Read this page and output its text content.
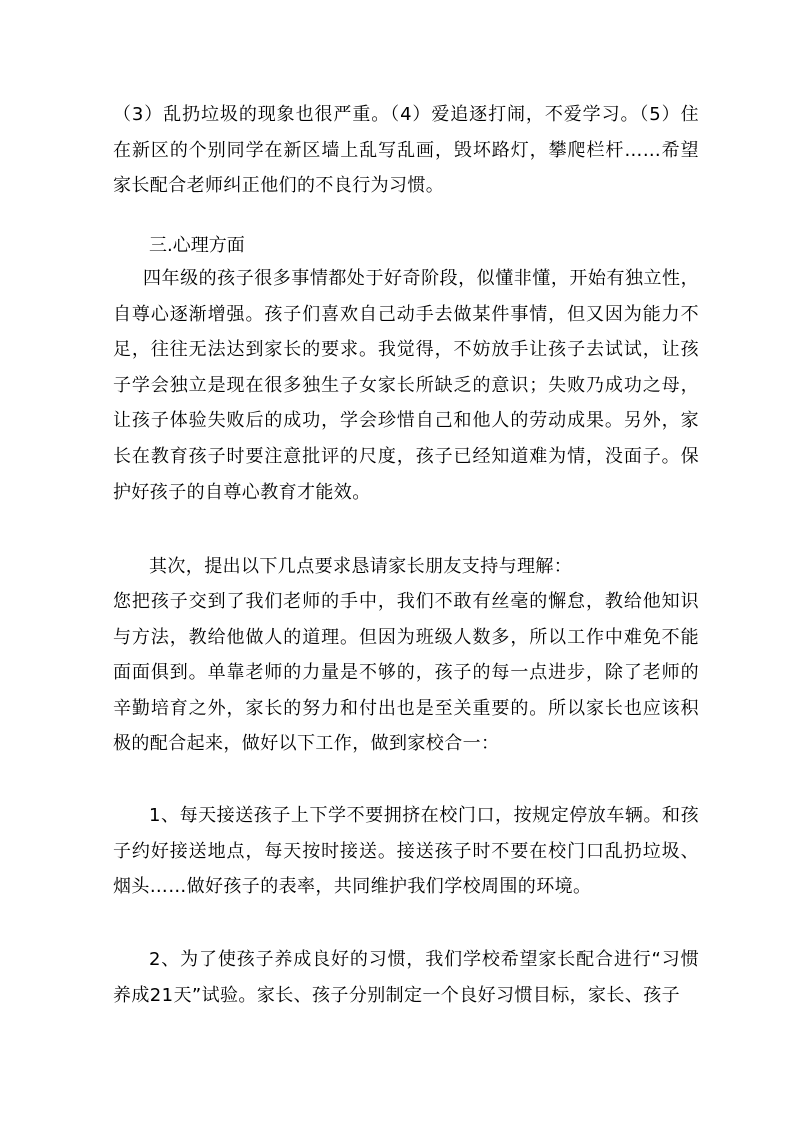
（3）乱扔垃圾的现象也很严重。（4）爱追逐打闹，不爱学习。（5）住在新区的个别同学在新区墙上乱写乱画，毁坏路灯，攀爬栏杆……希望家长配合老师纠正他们的不良行为习惯。

三.心理方面

四年级的孩子很多事情都处于好奇阶段，似懂非懂，开始有独立性，自尊心逐渐增强。孩子们喜欢自己动手去做某件事情，但又因为能力不足，往往无法达到家长的要求。我觉得，不妨放手让孩子去试试，让孩子学会独立是现在很多独生子女家长所缺乏的意识；失败乃成功之母，让孩子体验失败后的成功，学会珍惜自己和他人的劳动成果。另外，家长在教育孩子时要注意批评的尺度，孩子已经知道难为情，没面子。保护好孩子的自尊心教育才能效。

其次，提出以下几点要求恳请家长朋友支持与理解：

您把孩子交到了我们老师的手中，我们不敢有丝毫的懈怠，教给他知识与方法，教给他做人的道理。但因为班级人数多，所以工作中难免不能面面俱到。单靠老师的力量是不够的，孩子的每一点进步，除了老师的辛勤培育之外，家长的努力和付出也是至关重要的。所以家长也应该积极的配合起来，做好以下工作，做到家校合一：

1、每天接送孩子上下学不要拥挤在校门口，按规定停放车辆。和孩子约好接送地点，每天按时接送。接送孩子时不要在校门口乱扔垃圾、烟头……做好孩子的表率，共同维护我们学校周围的环境。

2、为了使孩子养成良好的习惯，我们学校希望家长配合进行“习惯养成21天”试验。家长、孩子分别制定一个良好习惯目标，家长、孩子
